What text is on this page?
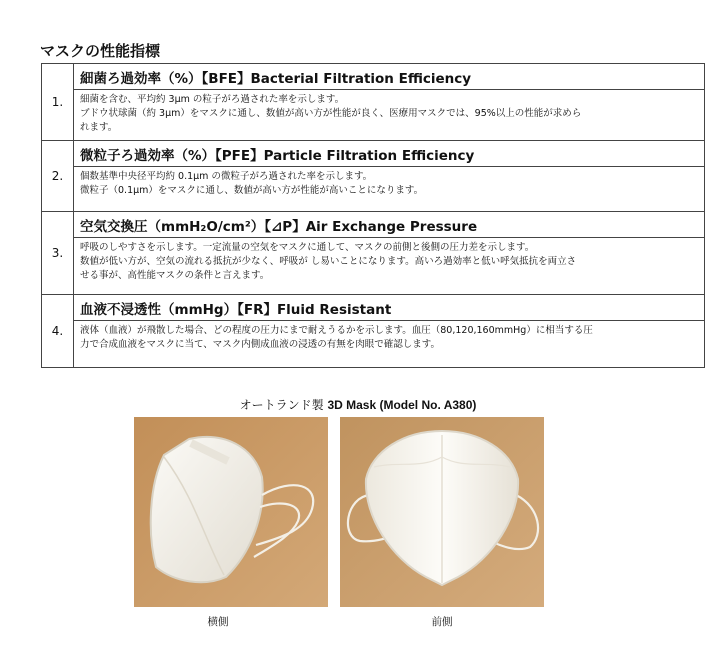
マスクの性能指標
1.	細菌ろ過効率（%）【BFE】Bacterial Filtration Efficiency

	細菌を含む、平均約 3μm の粒子がろ過された率を示します。
ブドウ状球菌（約 3μm）をマスクに通し、数値が高い方が性能が良く、医療用マスクでは、95%以上の性能が求めら
れます。

2.	微粒子ろ過効率（%）【PFE】Particle Filtration Efficiency

	個数基準中央径平均約 0.1μm の微粒子がろ過された率を示します。
微粒子（0.1μm）をマスクに通し、数値が高い方が性能が高いことになります。

3.	空気交換圧（mmH₂O/cm²）【⊿P】Air Exchange Pressure

	呼吸のしやすさを示します。一定流量の空気をマスクに通して、マスクの前側と後側の圧力差を示します。
数値が低い方が、空気の流れる抵抗が少なく、呼吸が し易いことになります。高いろ過効率と低い呼気抵抗を両立さ
せる事が、高性能マスクの条件と言えます。

4.	血液不浸透性（mmHg）【FR】Fluid Resistant

	液体（血液）が飛散した場合、どの程度の圧力にまで耐えうるかを示します。血圧（80,120,160mmHg）に相当する圧
力で合成血液をマスクに当て、マスク内側成血液の浸透の有無を肉眼で確認します。
オートランド製 3D Mask (Model No. A380)
横側	前側
